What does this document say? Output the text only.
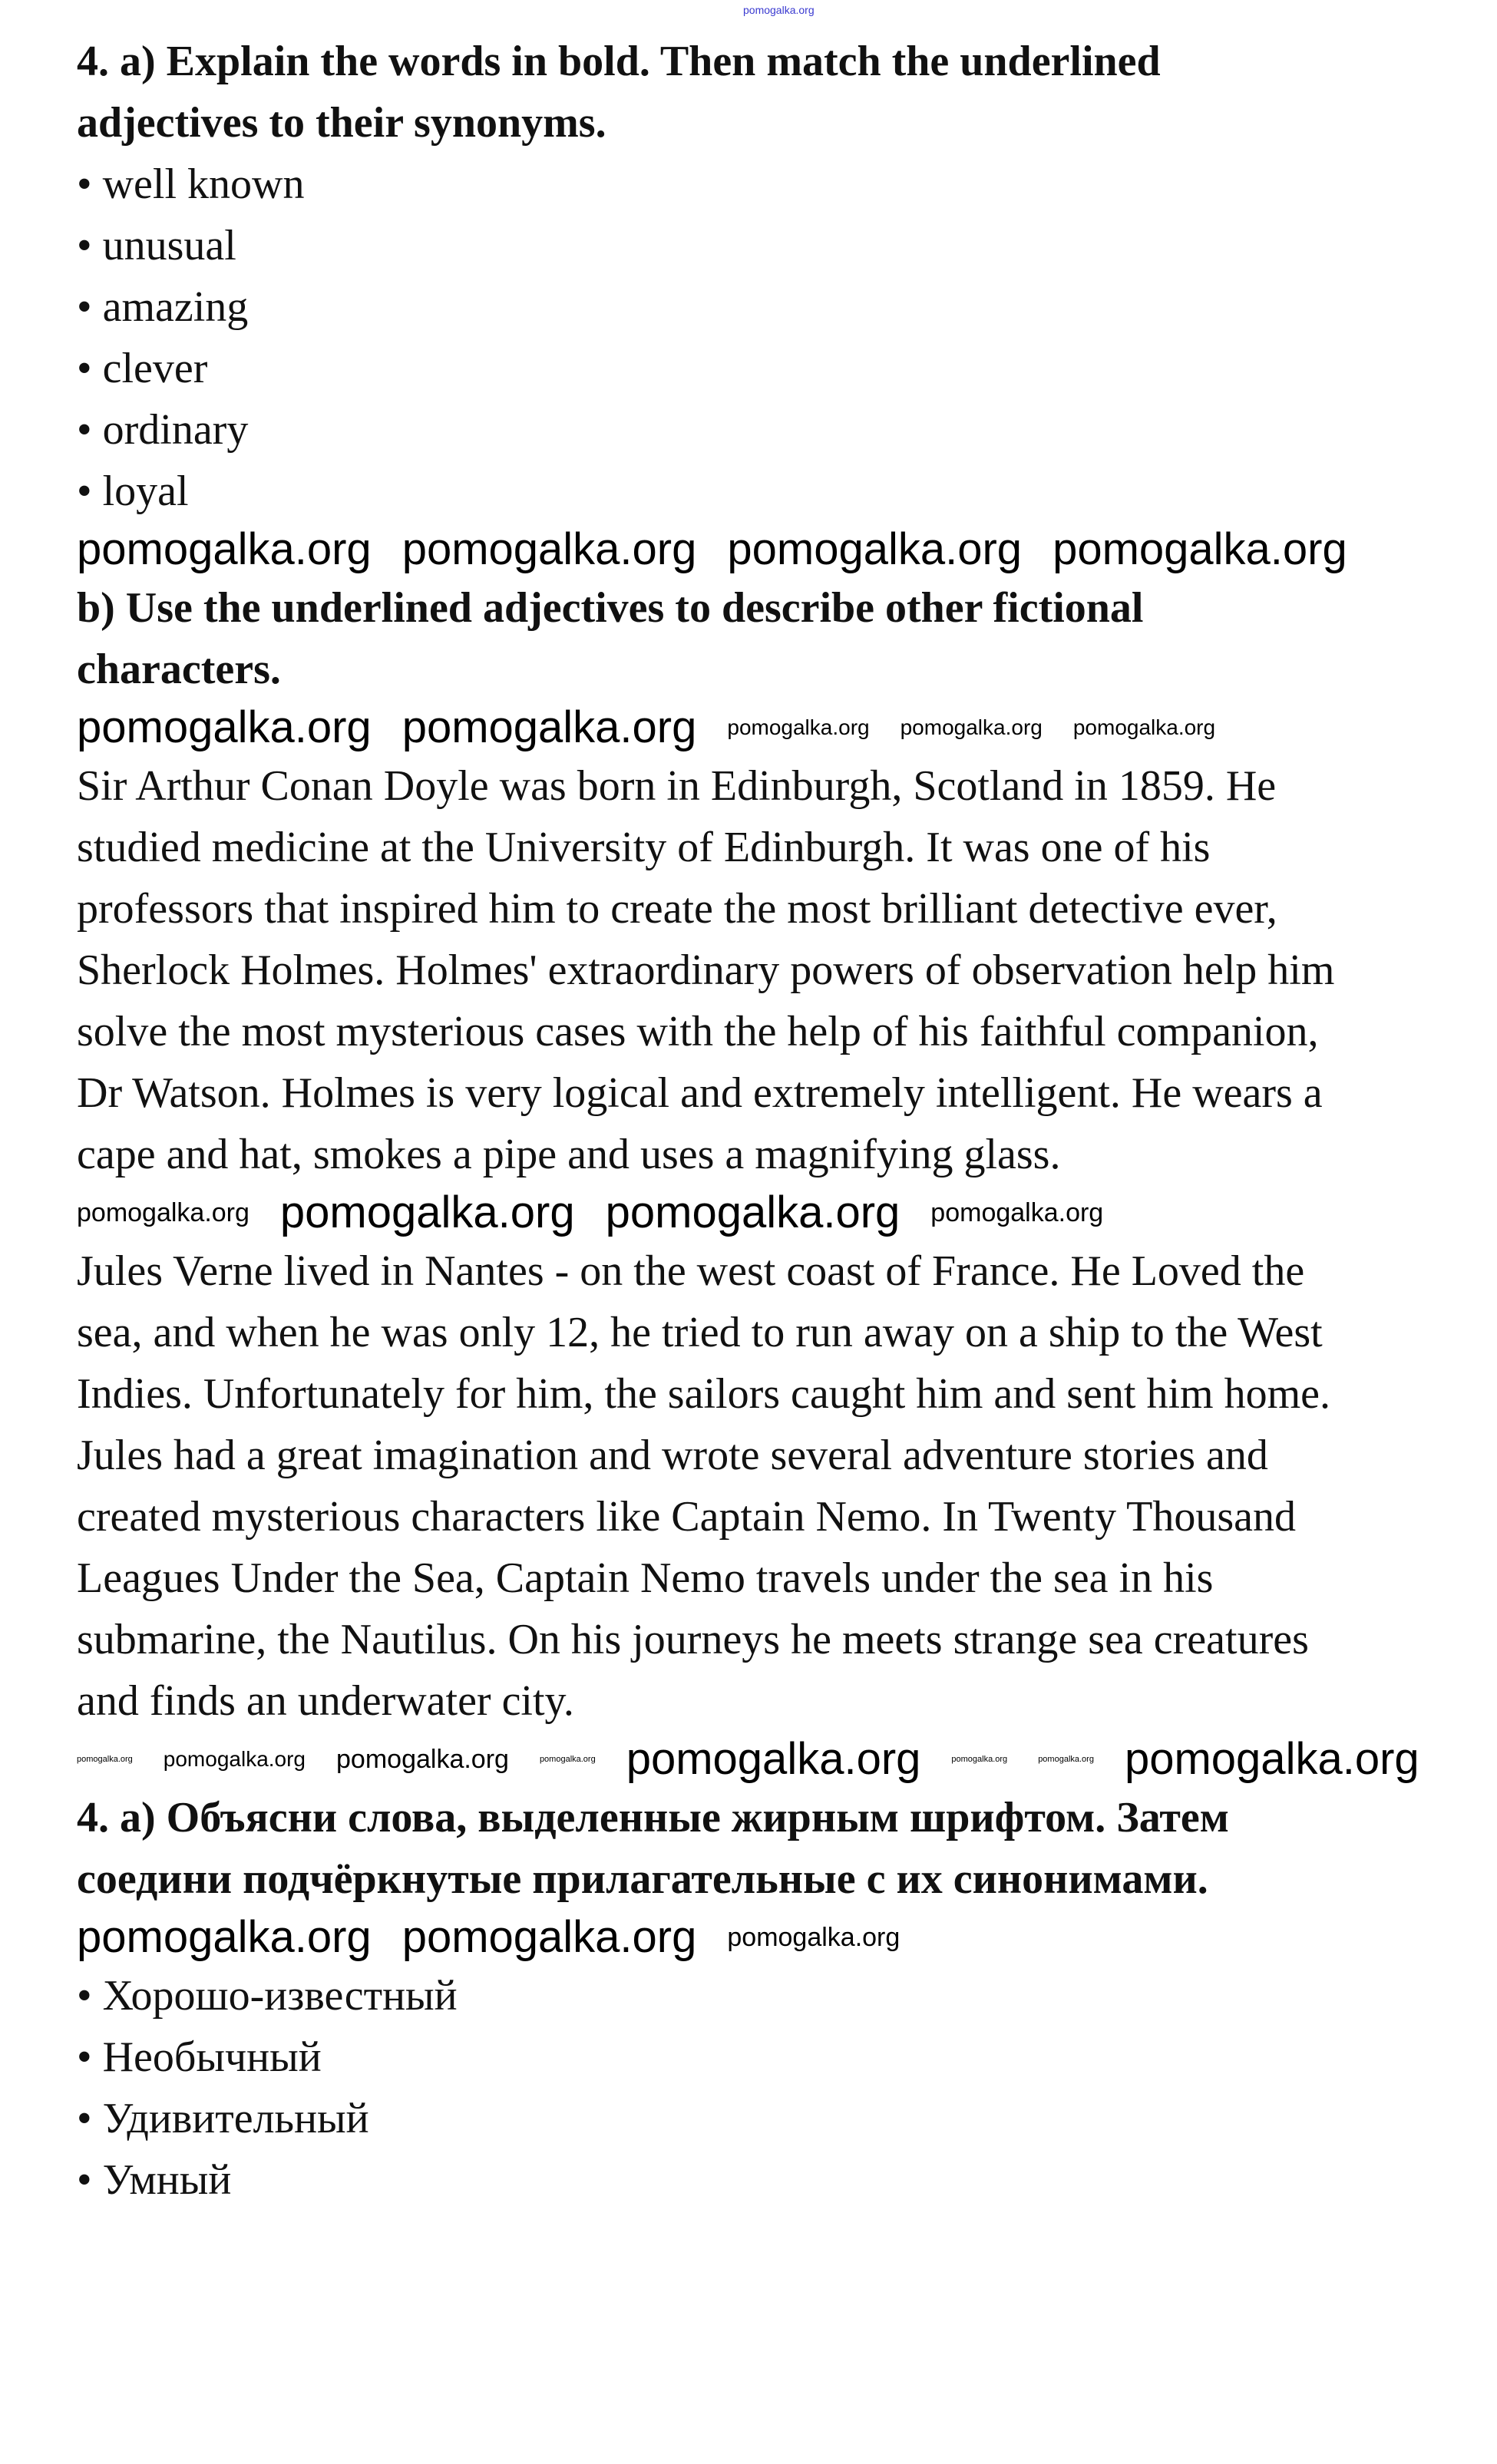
pomogalka.org
4. a) Explain the words in bold. Then match the underlined
adjectives to their synonyms.
• well known
• unusual
• amazing
• clever
• ordinary
• loyal
pomogalka.org pomogalka.org pomogalka.org pomogalka.org
b) Use the underlined adjectives to describe other fictional
characters.
pomogalka.org pomogalka.org pomogalka.org pomogalka.org pomogalka.org
Sir Arthur Conan Doyle was born in Edinburgh, Scotland in 1859. He
studied medicine at the University of Edinburgh. It was one of his
professors that inspired him to create the most brilliant detective ever,
Sherlock Holmes. Holmes' extraordinary powers of observation help him
solve the most mysterious cases with the help of his faithful companion,
Dr Watson. Holmes is very logical and extremely intelligent. He wears a
cape and hat, smokes a pipe and uses a magnifying glass.
pomogalka.org pomogalka.org pomogalka.org pomogalka.org
Jules Verne lived in Nantes - on the west coast of France. He Loved the
sea, and when he was only 12, he tried to run away on a ship to the West
Indies. Unfortunately for him, the sailors caught him and sent him home.
Jules had a great imagination and wrote several adventure stories and
created mysterious characters like Captain Nemo. In Twenty Thousand
Leagues Under the Sea, Captain Nemo travels under the sea in his
submarine, the Nautilus. On his journeys he meets strange sea creatures
and finds an underwater city.
pomogalka.org pomogalka.org pomogalka.org	pomogalka.org pomogalka.org	pomogalka.org	pomogalka.org pomogalka.org
4. а) Объясни слова, выделенные жирным шрифтом. Затем
соедини подчёркнутые прилагательные с их синонимами.
pomogalka.org pomogalka.org pomogalka.org
• Хорошо-известный
• Необычный
• Удивительный
• Умный
